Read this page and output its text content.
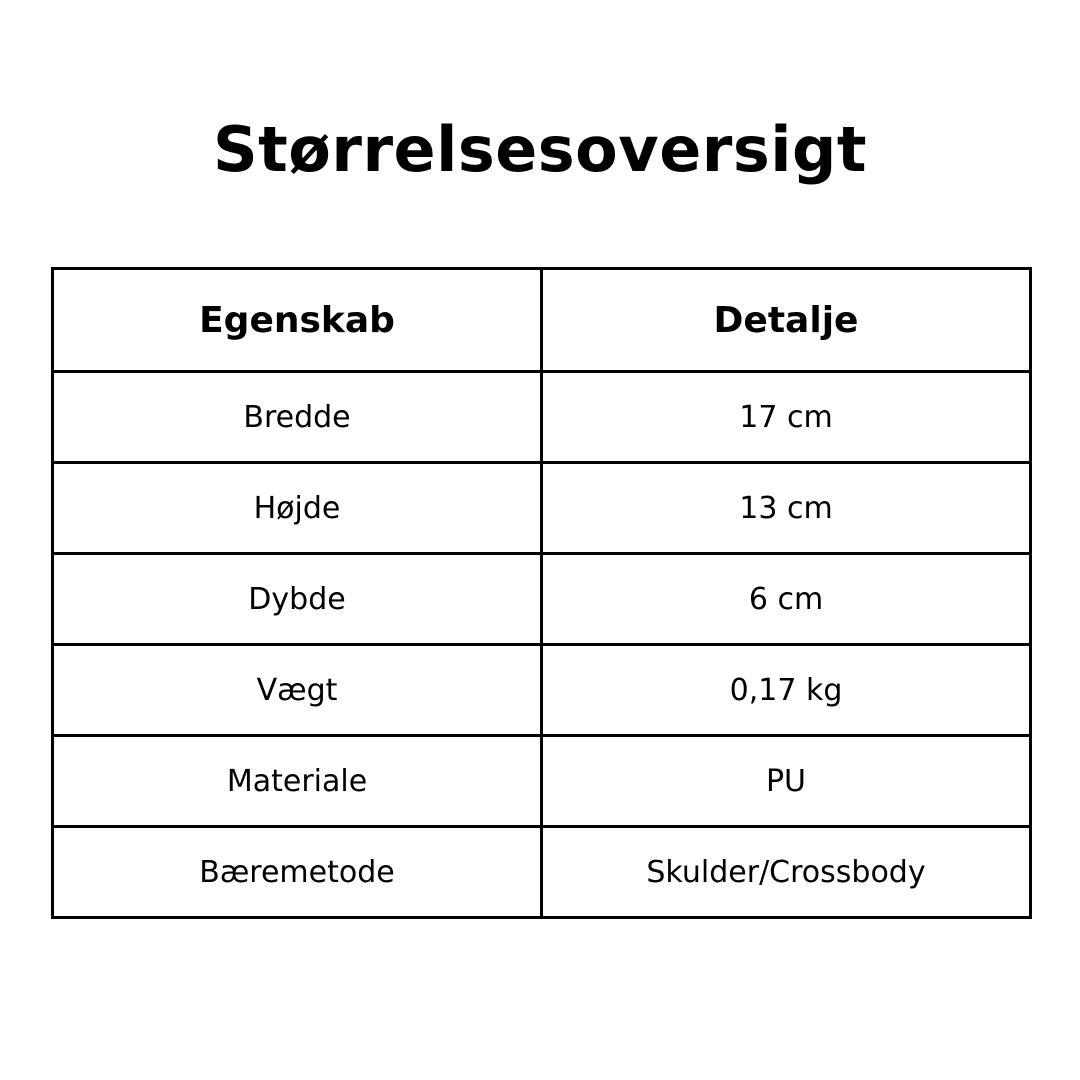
Størrelsesoversigt
Egenskab	Detalje
Bredde	17 cm
Højde	13 cm
Dybde	6 cm
Vægt	0,17 kg
Materiale	PU
Bæremetode	Skulder/Crossbody
